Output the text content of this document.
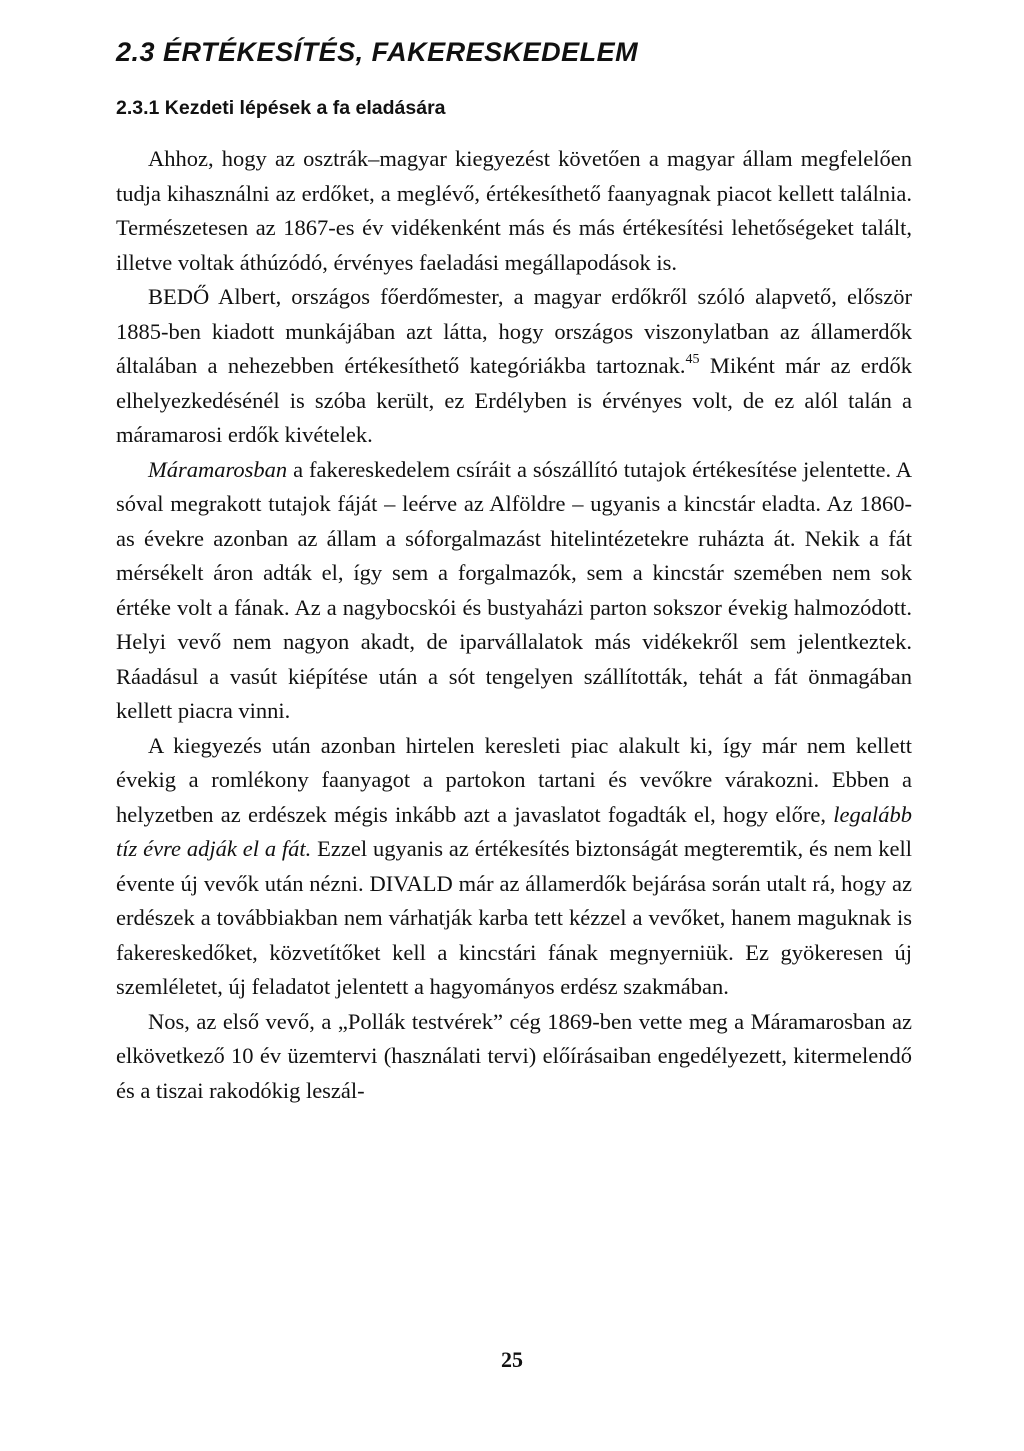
2.3 ÉRTÉKESÍTÉS, FAKERESKEDELEM
2.3.1 Kezdeti lépések a fa eladására

Ahhoz, hogy az osztrák–magyar kiegyezést követően a magyar állam megfelelően tudja kihasználni az erdőket, a meglévő, értékesíthető faanyagnak piacot kellett találnia. Természetesen az 1867-es év vidékenként más és más értékesítési lehetőségeket talált, illetve voltak áthúzódó, érvényes faeladási megállapodások is.

BEDŐ Albert, országos főerdőmester, a magyar erdőkről szóló alapvető, először 1885-ben kiadott munkájában azt látta, hogy országos viszonylatban az államerdők általában a nehezebben értékesíthető kategóriákba tartoznak.$^{45}$ Miként már az erdők elhelyezkedésénél is szóba került, ez Erdélyben is érvényes volt, de ez alól talán a máramarosi erdők kivételek.

Máramarosban a fakereskedelem csíráit a sószállító tutajok értékesítése jelentette. A sóval megrakott tutajok fáját – leérve az Alföldre – ugyanis a kincstár eladta. Az 1860-as évekre azonban az állam a sóforgalmazást hitelintézetekre ruházta át. Nekik a fát mérsékelt áron adták el, így sem a forgalmazók, sem a kincstár szemében nem sok értéke volt a fának. Az a nagybocskói és bustyaházi parton sokszor évekig halmozódott. Helyi vevő nem nagyon akadt, de iparvállalatok más vidékekről sem jelentkeztek. Ráadásul a vasút kiépítése után a sót tengelyen szállították, tehát a fát önmagában kellett piacra vinni.

A kiegyezés után azonban hirtelen keresleti piac alakult ki, így már nem kellett évekig a romlékony faanyagot a partokon tartani és vevőkre várakozni. Ebben a helyzetben az erdészek mégis inkább azt a javaslatot fogadták el, hogy előre, legalább tíz évre adják el a fát. Ezzel ugyanis az értékesítés biztonságát megteremtik, és nem kell évente új vevők után nézni. DIVALD már az államerdők bejárása során utalt rá, hogy az erdészek a továbbiakban nem várhatják karba tett kézzel a vevőket, hanem maguknak is fakereskedőket, közvetítőket kell a kincstári fának megnyerniük. Ez gyökeresen új szemléletet, új feladatot jelentett a hagyományos erdész szakmában.

Nos, az első vevő, a „Pollák testvérek” cég 1869-ben vette meg a Máramarosban az elkövetkező 10 év üzemtervi (használati tervi) előírásaiban engedélyezett, kitermelendő és a tiszai rakodókig leszál-

25
